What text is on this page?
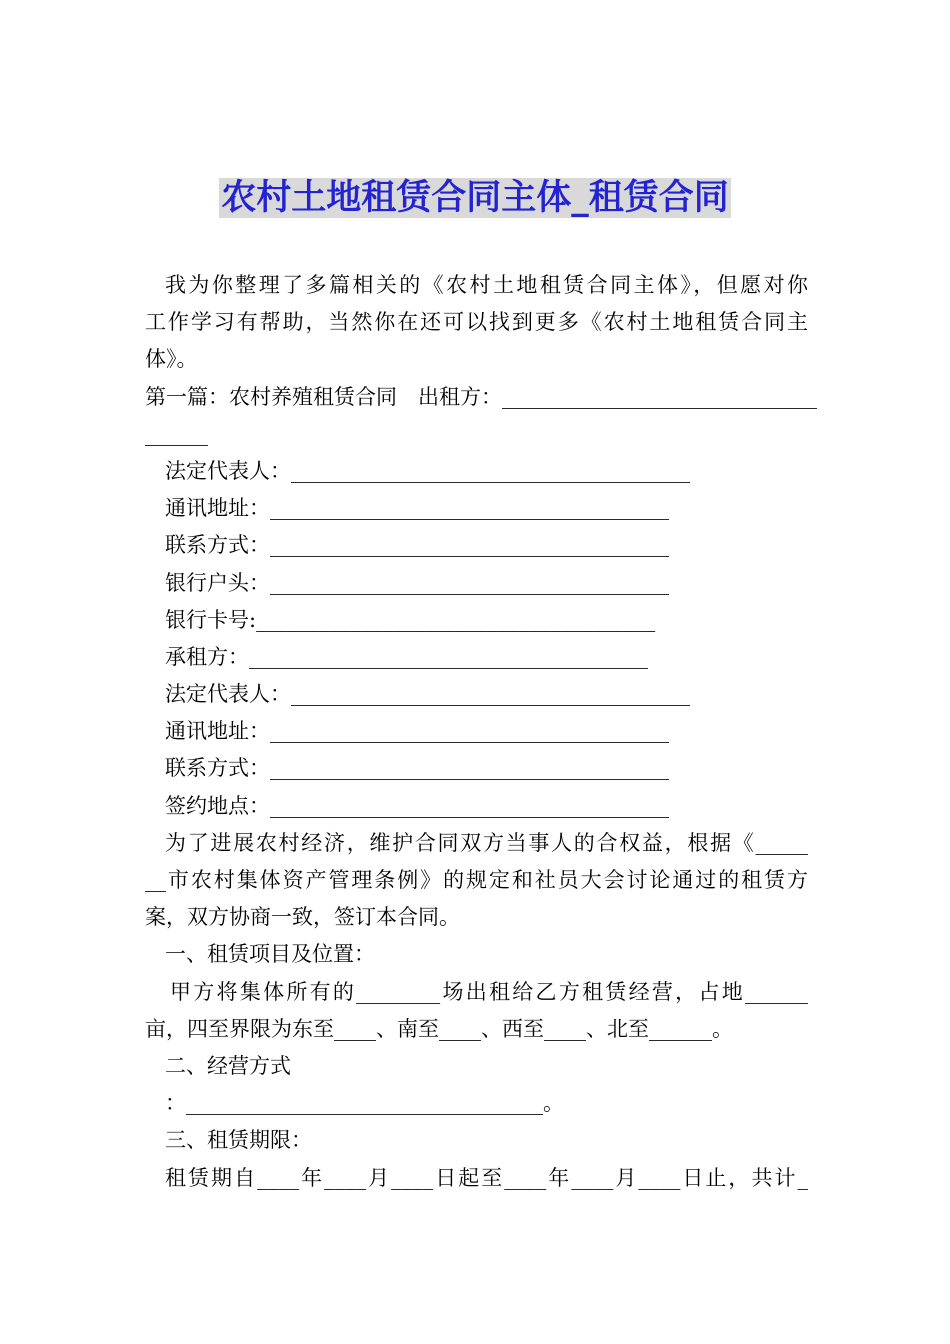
农村土地租赁合同主体_租赁合同
我为你整理了多篇相关的《农村土地租赁合同主体》，但愿对你
工作学习有帮助，当然你在还可以找到更多《农村土地租赁合同主
体》。
第一篇：农村养殖租赁合同　出租方： ______________________________
______
法定代表人： ______________________________________
通讯地址： ______________________________________
联系方式： ______________________________________
银行户头： ______________________________________
银行卡号: ______________________________________
承租方： ______________________________________
法定代表人： ______________________________________
通讯地址： ______________________________________
联系方式： ______________________________________
签约地点： ______________________________________
为了进展农村经济，维护合同双方当事人的合权益，根据《_____
__市农村集体资产管理条例》的规定和社员大会讨论通过的租赁方
案，双方协商一致，签订本合同。
一、租赁项目及位置：
甲方将集体所有的________场出租给乙方租赁经营，占地______
亩，四至界限为东至____、南至____、西至____、北至______。
二、经营方式
：__________________________________。
三、租赁期限：
租赁期自____年____月____日起至____年____月____日止，共计_
